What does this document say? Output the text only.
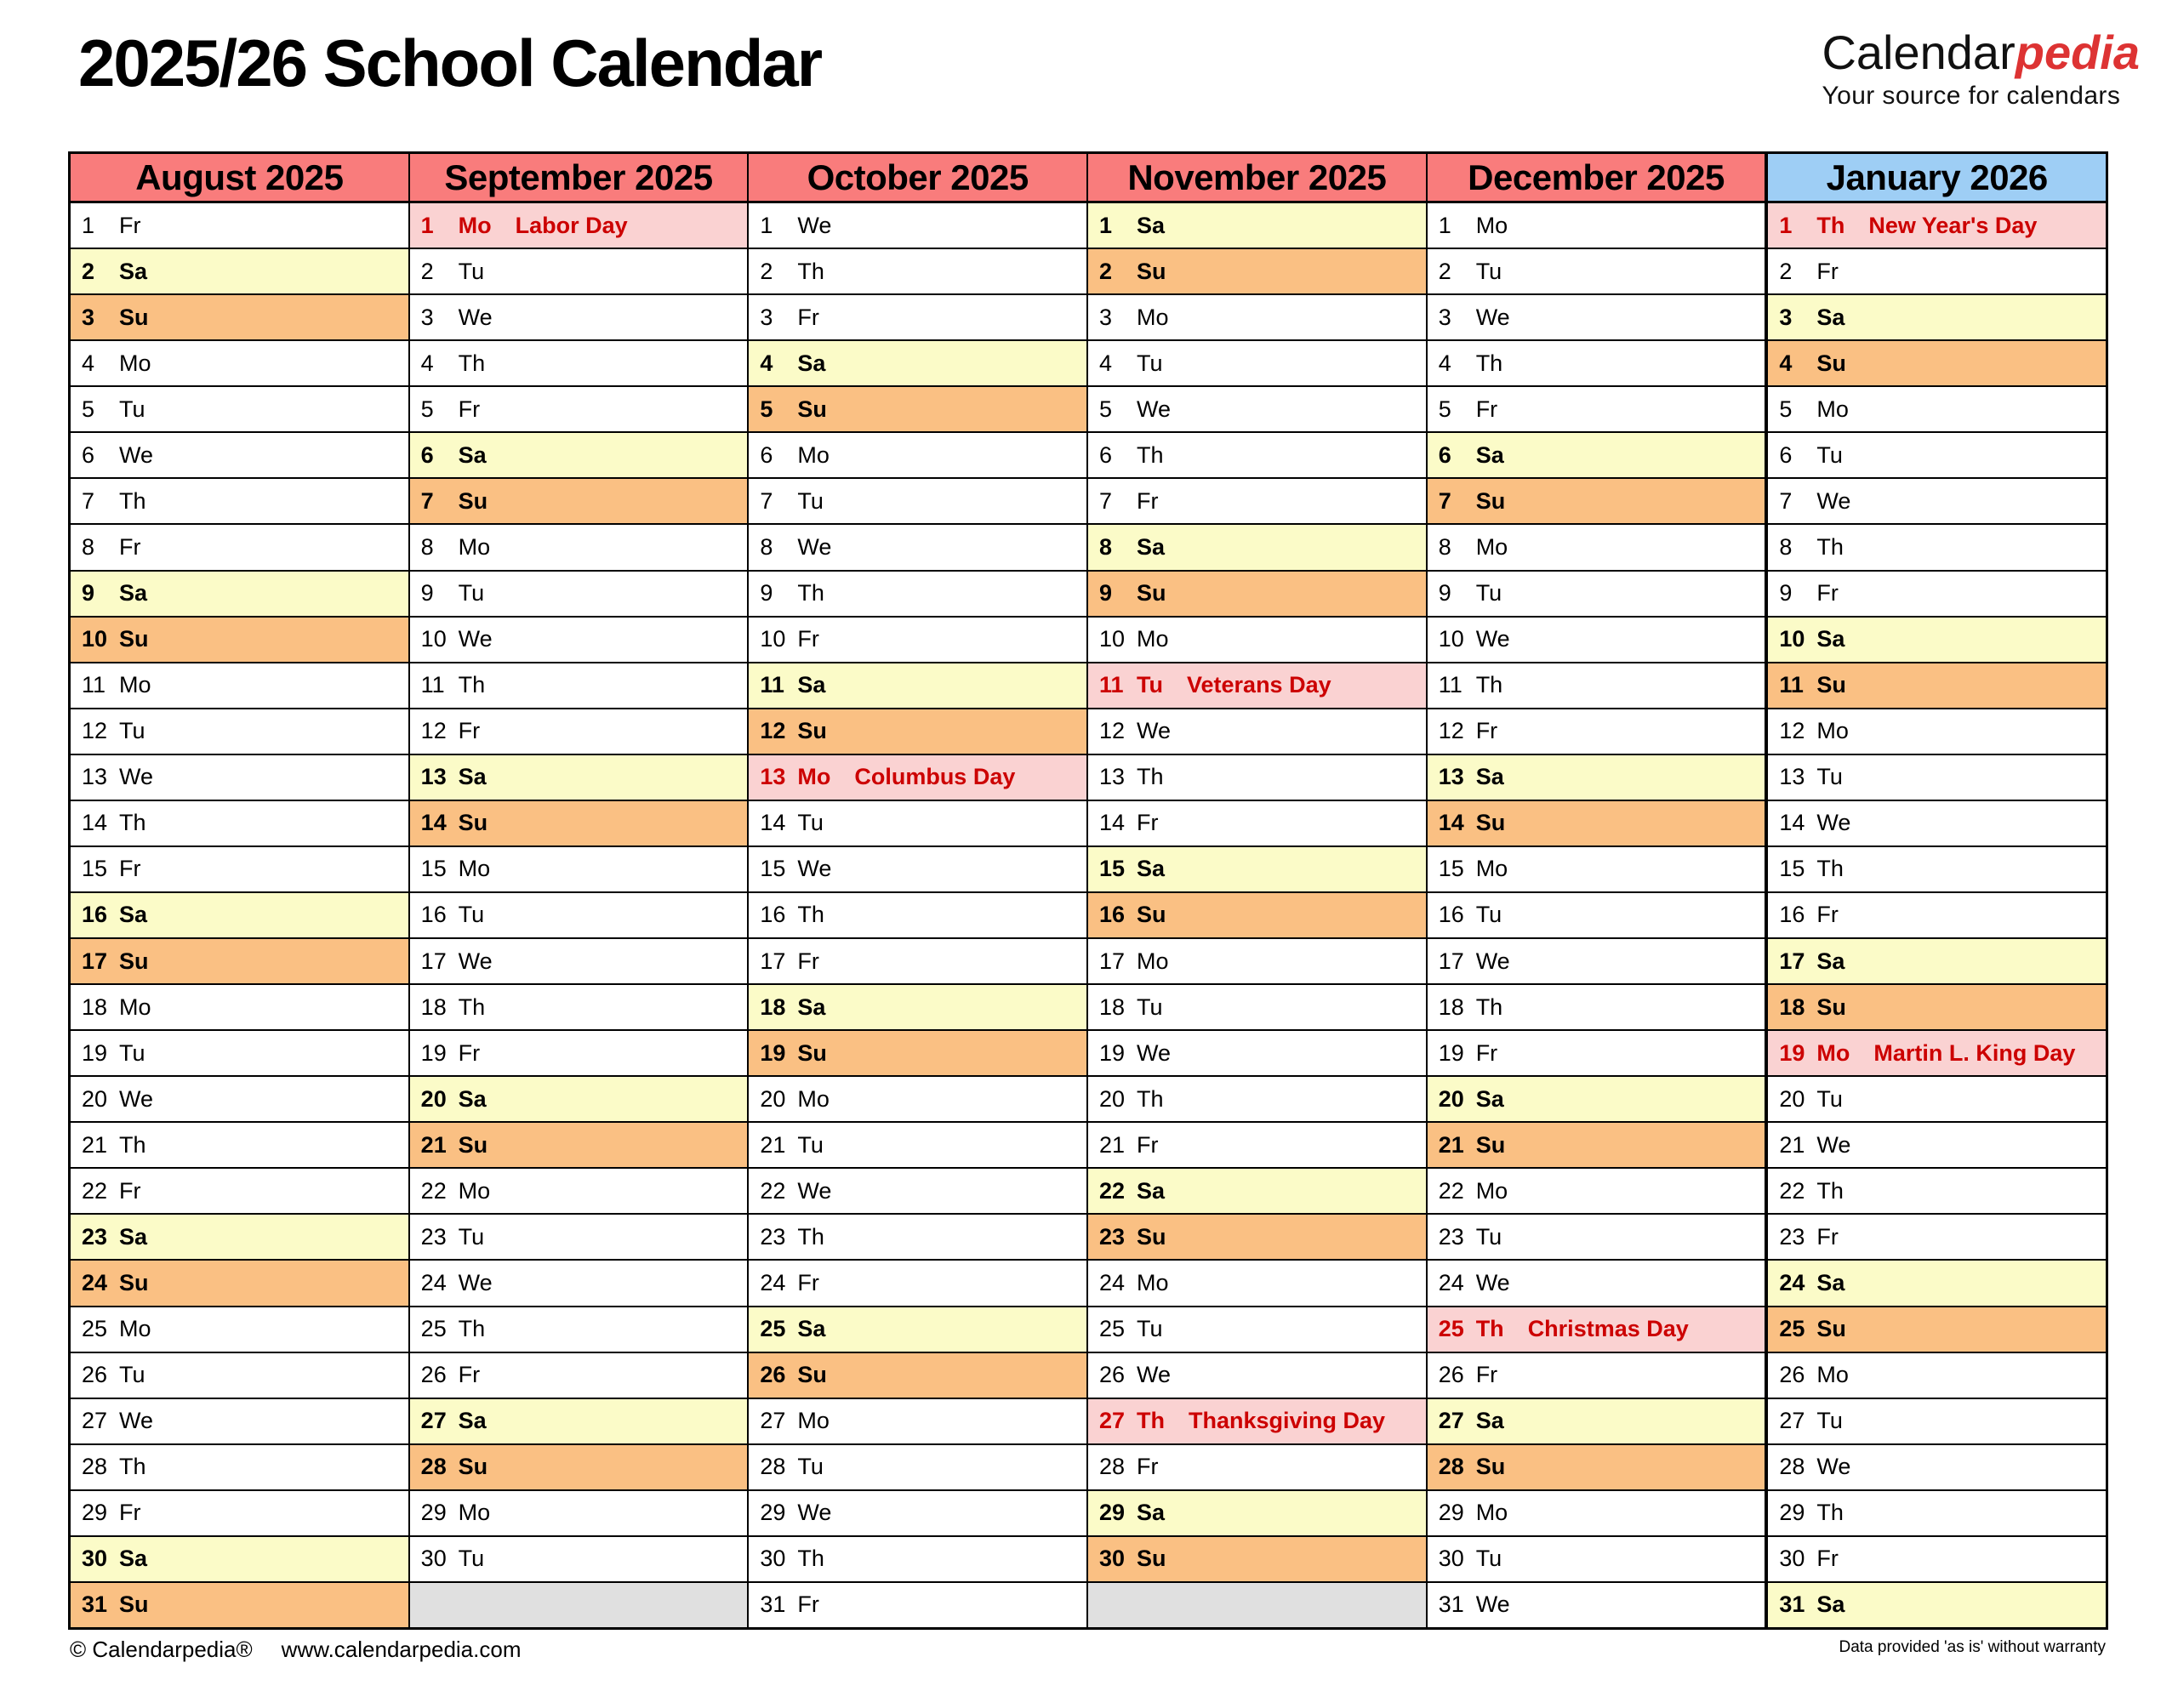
2025/26 School Calendar	Calendarpedia
Your source for calendars
August 2025
1	Fr
2	Sa
3	Su
4	Mo
5	Tu
6	We
7	Th
8	Fr
9	Sa
10 Su
11 Mo
12 Tu
13 We
14 Th
15 Fr
16 Sa
17 Su
18 Mo
19 Tu
20 We
21 Th
22 Fr
23 Sa
24 Su
25 Mo
26 Tu
27 We
28 Th
29 Fr
30 Sa
31 Su
September 2025
1	Mo Labor Day
2	Tu
3	We
4	Th
5	Fr
6	Sa
7	Su
8	Mo
9	Tu
10 We
11 Th
12 Fr
13 Sa
14 Su
15 Mo
16 Tu
17 We
18 Th
19 Fr
20 Sa
21 Su
22 Mo
23 Tu
24 We
25 Th
26 Fr
27 Sa
28 Su
29 Mo
30 Tu
October 2025
1	We
2	Th
3	Fr
4	Sa
5	Su
6	Mo
7	Tu
8	We
9	Th
10 Fr
11 Sa
12 Su
13 Mo Columbus Day
14 Tu
15 We
16 Th
17 Fr
18 Sa
19 Su
20 Mo
21 Tu
22 We
23 Th
24 Fr
25 Sa
26 Su
27 Mo
28 Tu
29 We
30 Th
31 Fr
November 2025
1	Sa
2	Su
3	Mo
4	Tu
5	We
6	Th
7	Fr
8	Sa
9	Su
10 Mo
11 Tu Veterans Day
12 We
13 Th
14 Fr
15 Sa
16 Su
17 Mo
18 Tu
19 We
20 Th
21 Fr
22 Sa
23 Su
24 Mo
25 Tu
26 We
27 Th Thanksgiving Day
28 Fr
29 Sa
30 Su
December 2025
1	Mo
2	Tu
3	We
4	Th
5	Fr
6	Sa
7	Su
8	Mo
9	Tu
10 We
11 Th
12 Fr
13 Sa
14 Su
15 Mo
16 Tu
17 We
18 Th
19 Fr
20 Sa
21 Su
22 Mo
23 Tu
24 We
25 Th Christmas Day
26 Fr
27 Sa
28 Su
29 Mo
30 Tu
31 We
January 2026
1	Th New Year's Day
2	Fr
3	Sa
4	Su
5	Mo
6	Tu
7	We
8	Th
9	Fr
10 Sa
11 Su
12 Mo
13 Tu
14 We
15 Th
16 Fr
17 Sa
18 Su
19 Mo Martin L. King Day
20 Tu
21 We
22 Th
23 Fr
24 Sa
25 Su
26 Mo
27 Tu
28 We
29 Th
30 Fr
31 Sa
© Calendarpedia® www.calendarpedia.com	Data provided 'as is' without warranty
